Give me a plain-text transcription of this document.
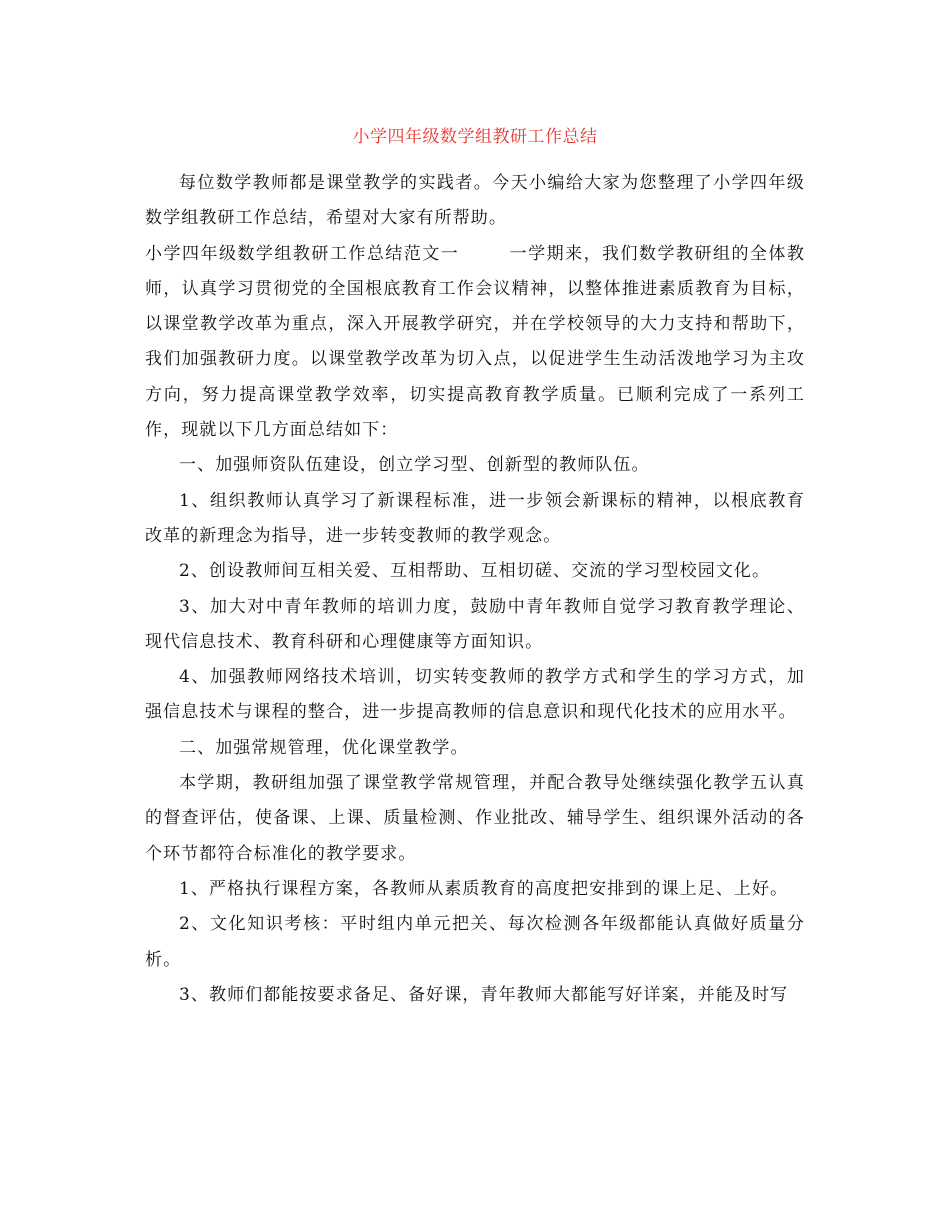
小学四年级数学组教研工作总结

每位数学教师都是课堂教学的实践者。今天小编给大家为您整理了小学四年级数学组教研工作总结，希望对大家有所帮助。

小学四年级数学组教研工作总结范文一	一学期来，我们数学教研组的全体教师，认真学习贯彻党的全国根底教育工作会议精神，以整体推进素质教育为目标，以课堂教学改革为重点，深入开展教学研究，并在学校领导的大力支持和帮助下，我们加强教研力度。以课堂教学改革为切入点，以促进学生生动活泼地学习为主攻方向，努力提高课堂教学效率，切实提高教育教学质量。已顺利完成了一系列工作，现就以下几方面总结如下：

一、加强师资队伍建设，创立学习型、创新型的教师队伍。

1、组织教师认真学习了新课程标准，进一步领会新课标的精神，以根底教育改革的新理念为指导，进一步转变教师的教学观念。

2、创设教师间互相关爱、互相帮助、互相切磋、交流的学习型校园文化。

3、加大对中青年教师的培训力度，鼓励中青年教师自觉学习教育教学理论、现代信息技术、教育科研和心理健康等方面知识。

4、加强教师网络技术培训，切实转变教师的教学方式和学生的学习方式，加强信息技术与课程的整合，进一步提高教师的信息意识和现代化技术的应用水平。

二、加强常规管理，优化课堂教学。

本学期，教研组加强了课堂教学常规管理，并配合教导处继续强化教学五认真的督查评估，使备课、上课、质量检测、作业批改、辅导学生、组织课外活动的各个环节都符合标准化的教学要求。

1、严格执行课程方案，各教师从素质教育的高度把安排到的课上足、上好。

2、文化知识考核：平时组内单元把关、每次检测各年级都能认真做好质量分析。

3、教师们都能按要求备足、备好课，青年教师大都能写好详案，并能及时写
